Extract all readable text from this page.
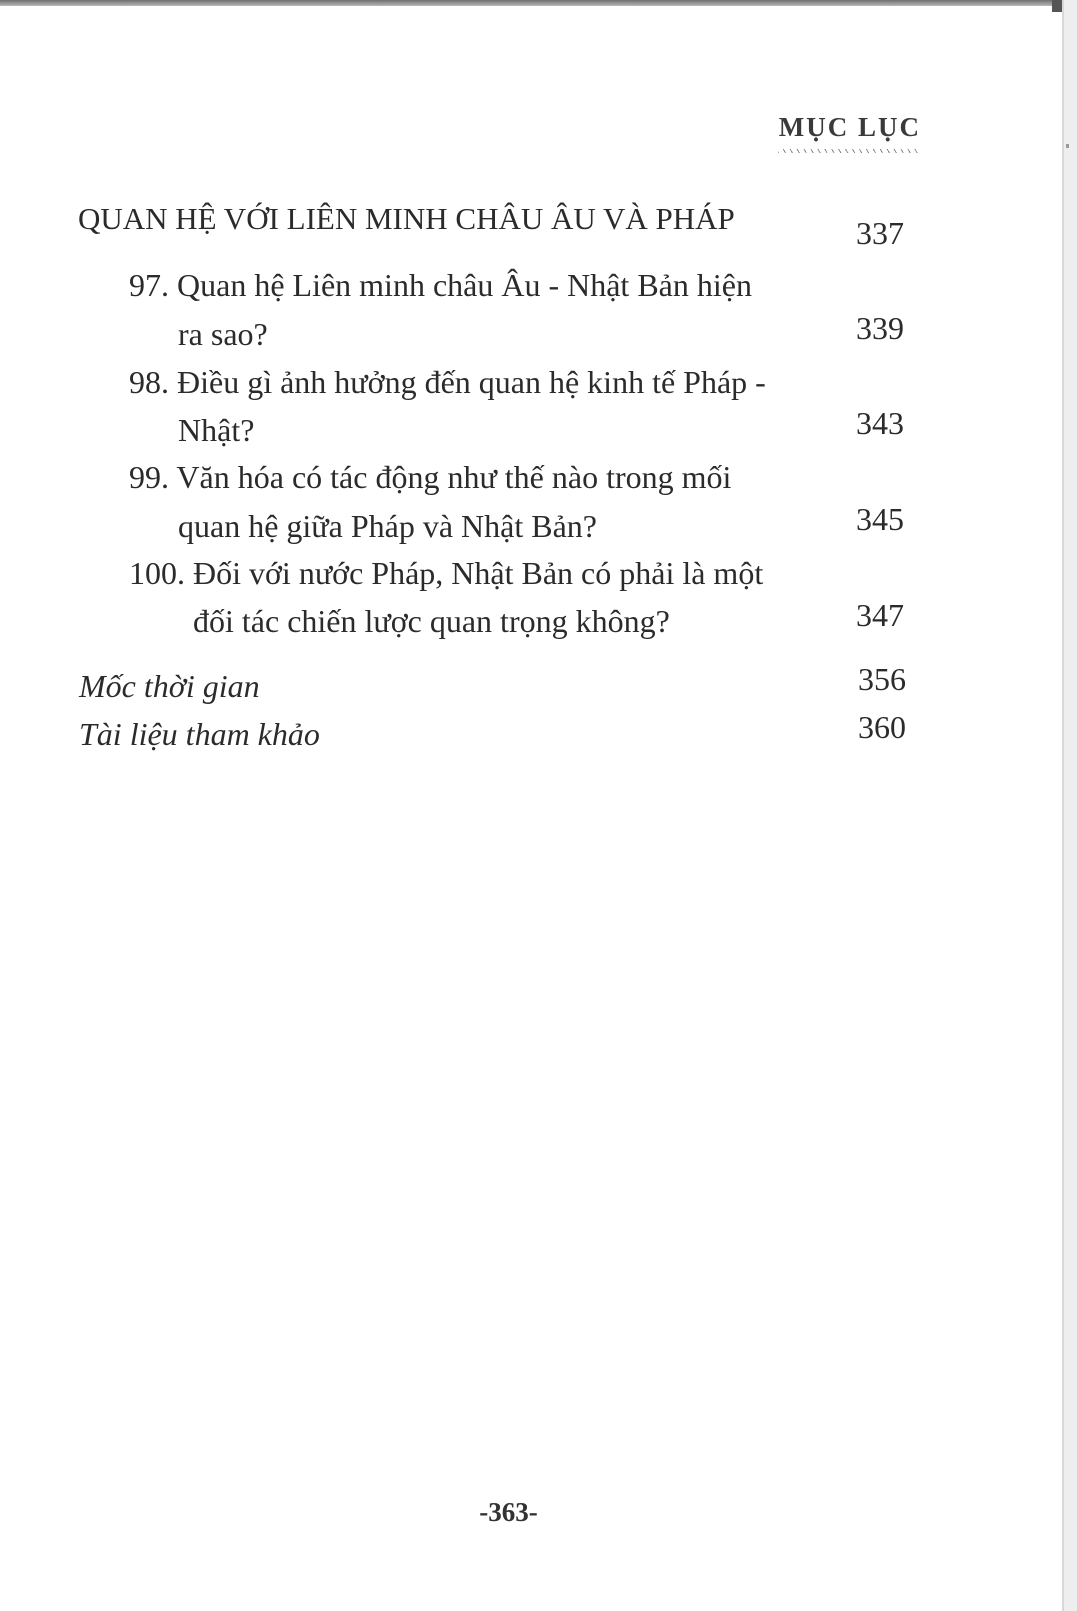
MỤC LỤC
QUAN HỆ VỚI LIÊN MINH CHÂU ÂU VÀ PHÁP	337
97. Quan hệ Liên minh châu Âu - Nhật Bản hiện
ra sao?	339
98. Điều gì ảnh hưởng đến quan hệ kinh tế Pháp -
Nhật?	343
99. Văn hóa có tác động như thế nào trong mối
quan hệ giữa Pháp và Nhật Bản?	345
100. Đối với nước Pháp, Nhật Bản có phải là một
đối tác chiến lược quan trọng không?	347
Mốc thời gian	356
Tài liệu tham khảo	360
-363-
